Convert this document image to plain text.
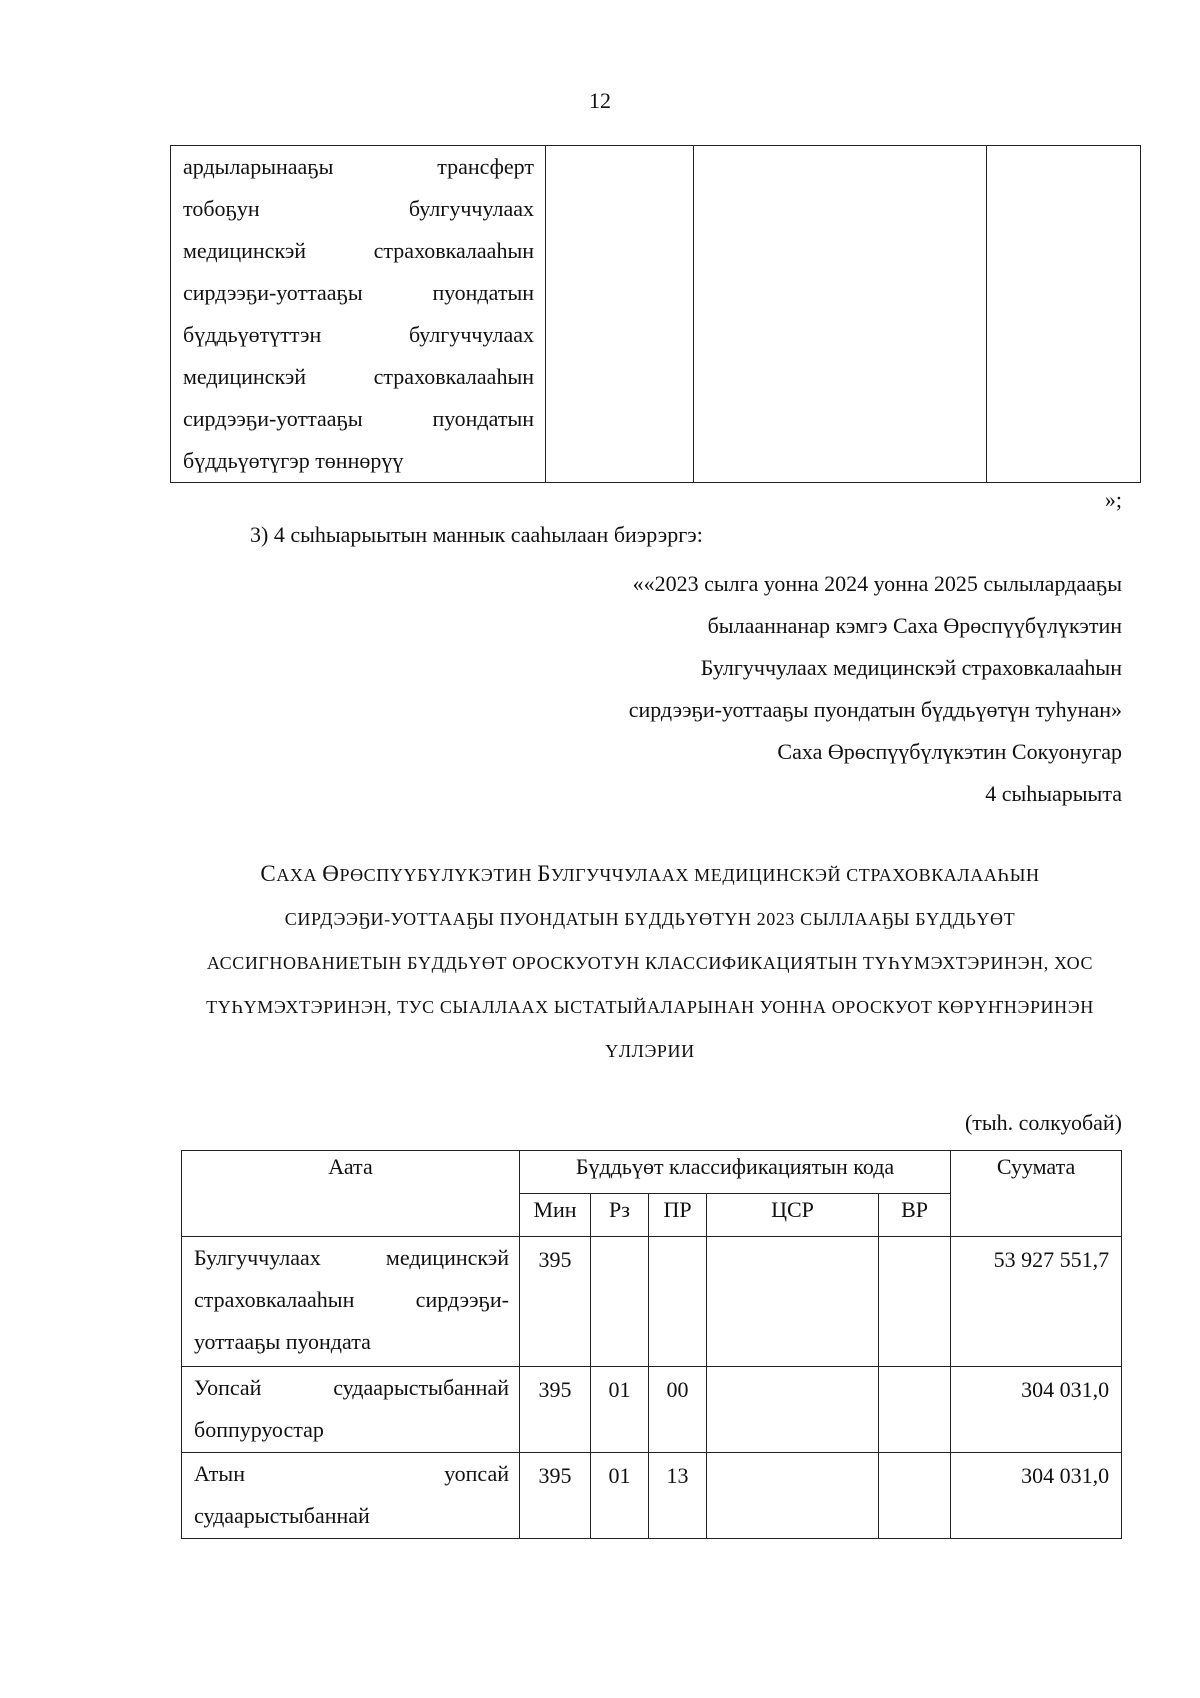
12
ардыларынааҕы трансферт
тобоҕун булгуччулаах
медицинскэй страховкалааһын
сирдээҕи-уоттааҕы пуондатын
бүддьүөтүттэн булгуччулаах
медицинскэй страховкалааһын
сирдээҕи-уоттааҕы пуондатын
бүддьүөтүгэр төннөрүү

»;
3) 4 сыһыарыытын маннык сааһылаан биэрэргэ:
««2023 сылга уонна 2024 уонна 2025 сылылардааҕы
былааннанар кэмгэ Саха Өрөспүүбүлүкэтин
Булгуччулаах медицинскэй страховкалааһын
сирдээҕи-уоттааҕы пуондатын бүддьүөтүн туһунан»
Саха Өрөспүүбүлүкэтин Сокуонугар
4 сыһыарыыта
САХА ӨРӨСПҮҮБҮЛҮКЭТИН БУЛГУЧЧУЛААХ МЕДИЦИНСКЭЙ СТРАХОВКАЛААҺЫН
СИРДЭЭҔИ-УОТТААҔЫ ПУОНДАТЫН БҮДДЬҮӨТҮН 2023 СЫЛЛААҔЫ БҮДДЬҮӨТ
АССИГНОВАНИЕТЫН БҮДДЬҮӨТ ОРОСКУОТУН КЛАССИФИКАЦИЯТЫН ТҮҺҮМЭХТЭРИНЭН, ХОС
ТҮҺҮМЭХТЭРИНЭН, ТУС СЫАЛЛААХ ЫСТАТЫЙАЛАРЫНАН УОННА ОРОСКУОТ КӨРҮҤНЭРИНЭН
ҮЛЛЭРИИ
(тыһ. солкуобай)
Аата	Бүддьүөт классификациятын кода					Суумата
	Мин	Рз	ПР	ЦСР	ВР	

Булгуччулаах медицинскэй
страховкалааһын сирдээҕи-
уоттааҕы пуондата	395					53 927 551,7

Уопсай судаарыстыбаннай
боппуруостар	395	01	00			304 031,0

Атын уопсай
судаарыстыбаннай	395	01	13			304 031,0
